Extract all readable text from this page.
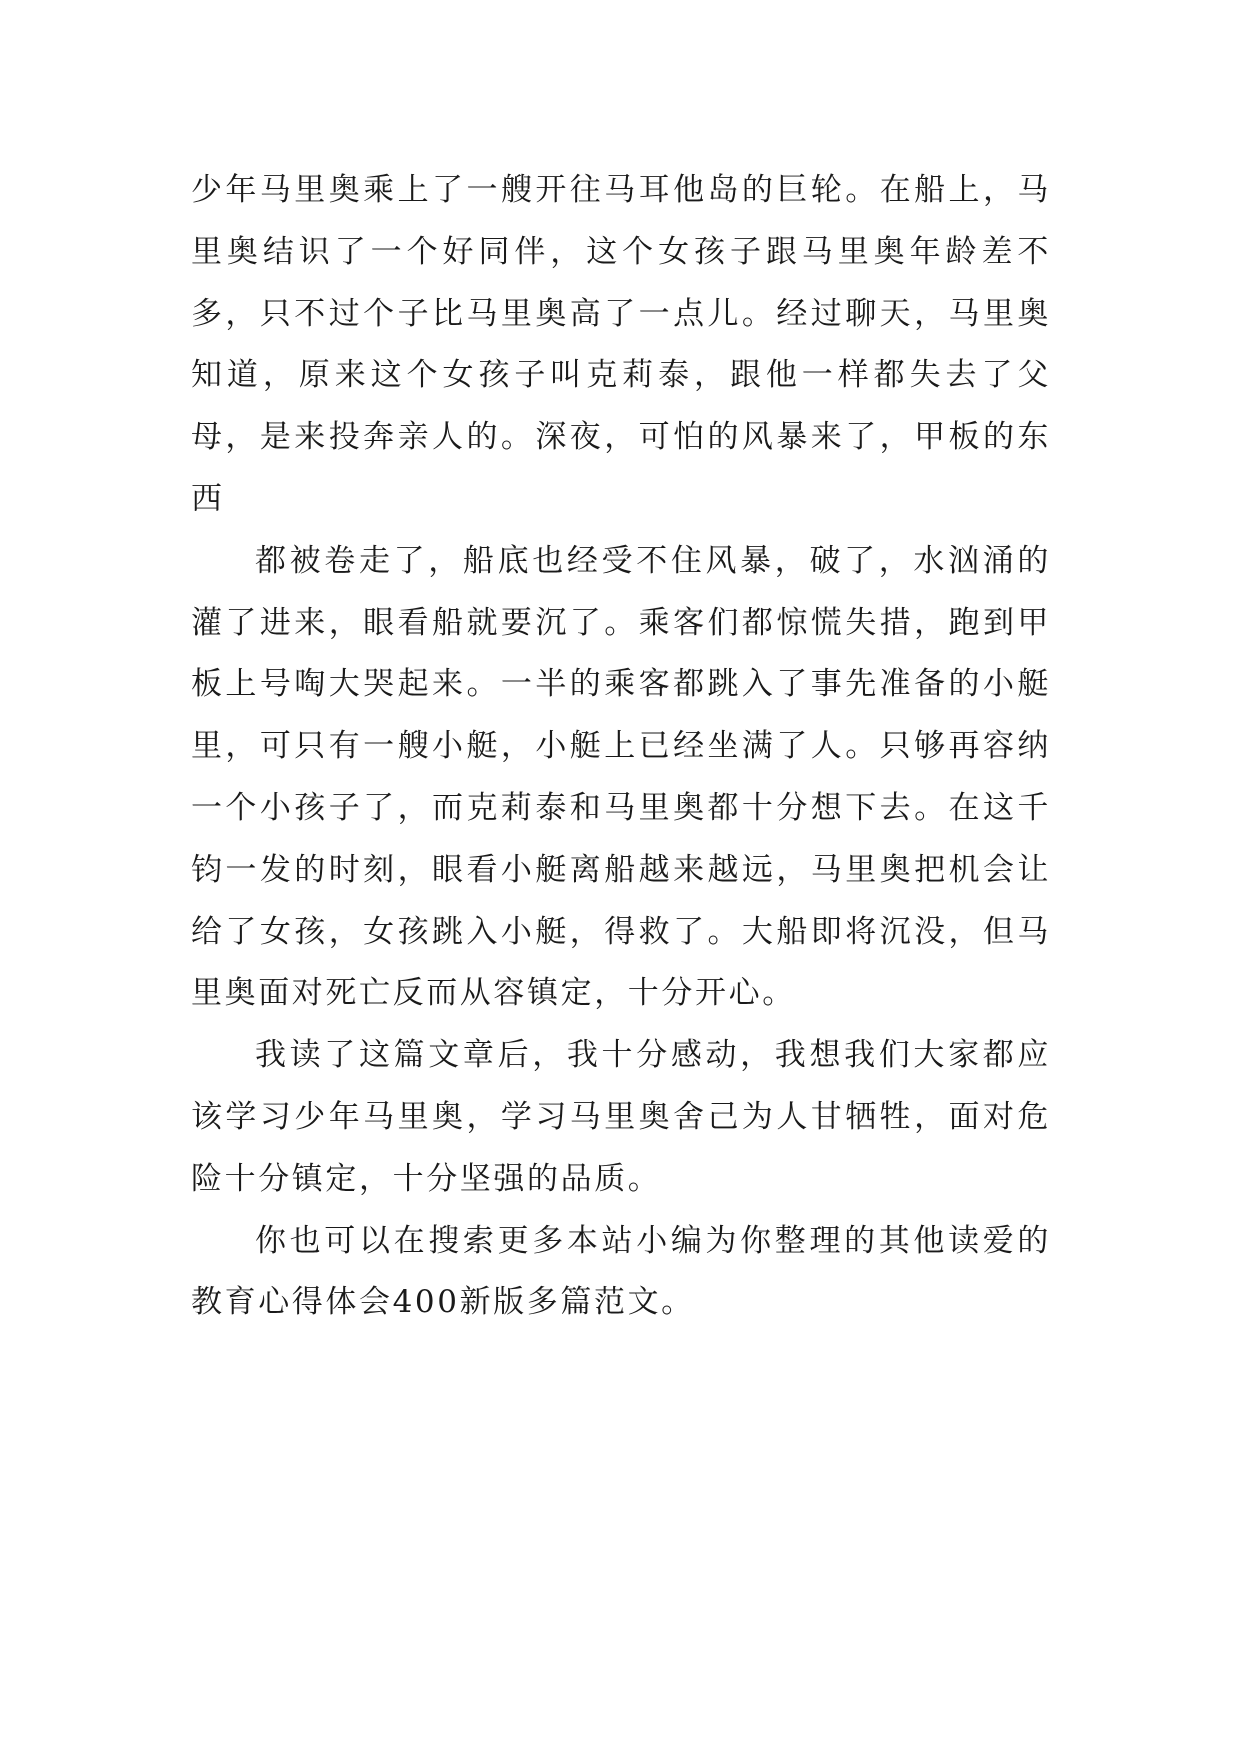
少年马里奥乘上了一艘开往马耳他岛的巨轮。在船上，马里奥结识了一个好同伴，这个女孩子跟马里奥年龄差不多，只不过个子比马里奥高了一点儿。经过聊天，马里奥知道，原来这个女孩子叫克莉泰，跟他一样都失去了父母，是来投奔亲人的。深夜，可怕的风暴来了，甲板的东西

都被卷走了，船底也经受不住风暴，破了，水汹涌的灌了进来，眼看船就要沉了。乘客们都惊慌失措，跑到甲板上号啕大哭起来。一半的乘客都跳入了事先准备的小艇里，可只有一艘小艇，小艇上已经坐满了人。只够再容纳一个小孩子了，而克莉泰和马里奥都十分想下去。在这千钧一发的时刻，眼看小艇离船越来越远，马里奥把机会让给了女孩，女孩跳入小艇，得救了。大船即将沉没，但马里奥面对死亡反而从容镇定，十分开心。

我读了这篇文章后，我十分感动，我想我们大家都应该学习少年马里奥，学习马里奥舍己为人甘牺牲，面对危险十分镇定，十分坚强的品质。

你也可以在搜索更多本站小编为你整理的其他读爱的教育心得体会400新版多篇范文。
